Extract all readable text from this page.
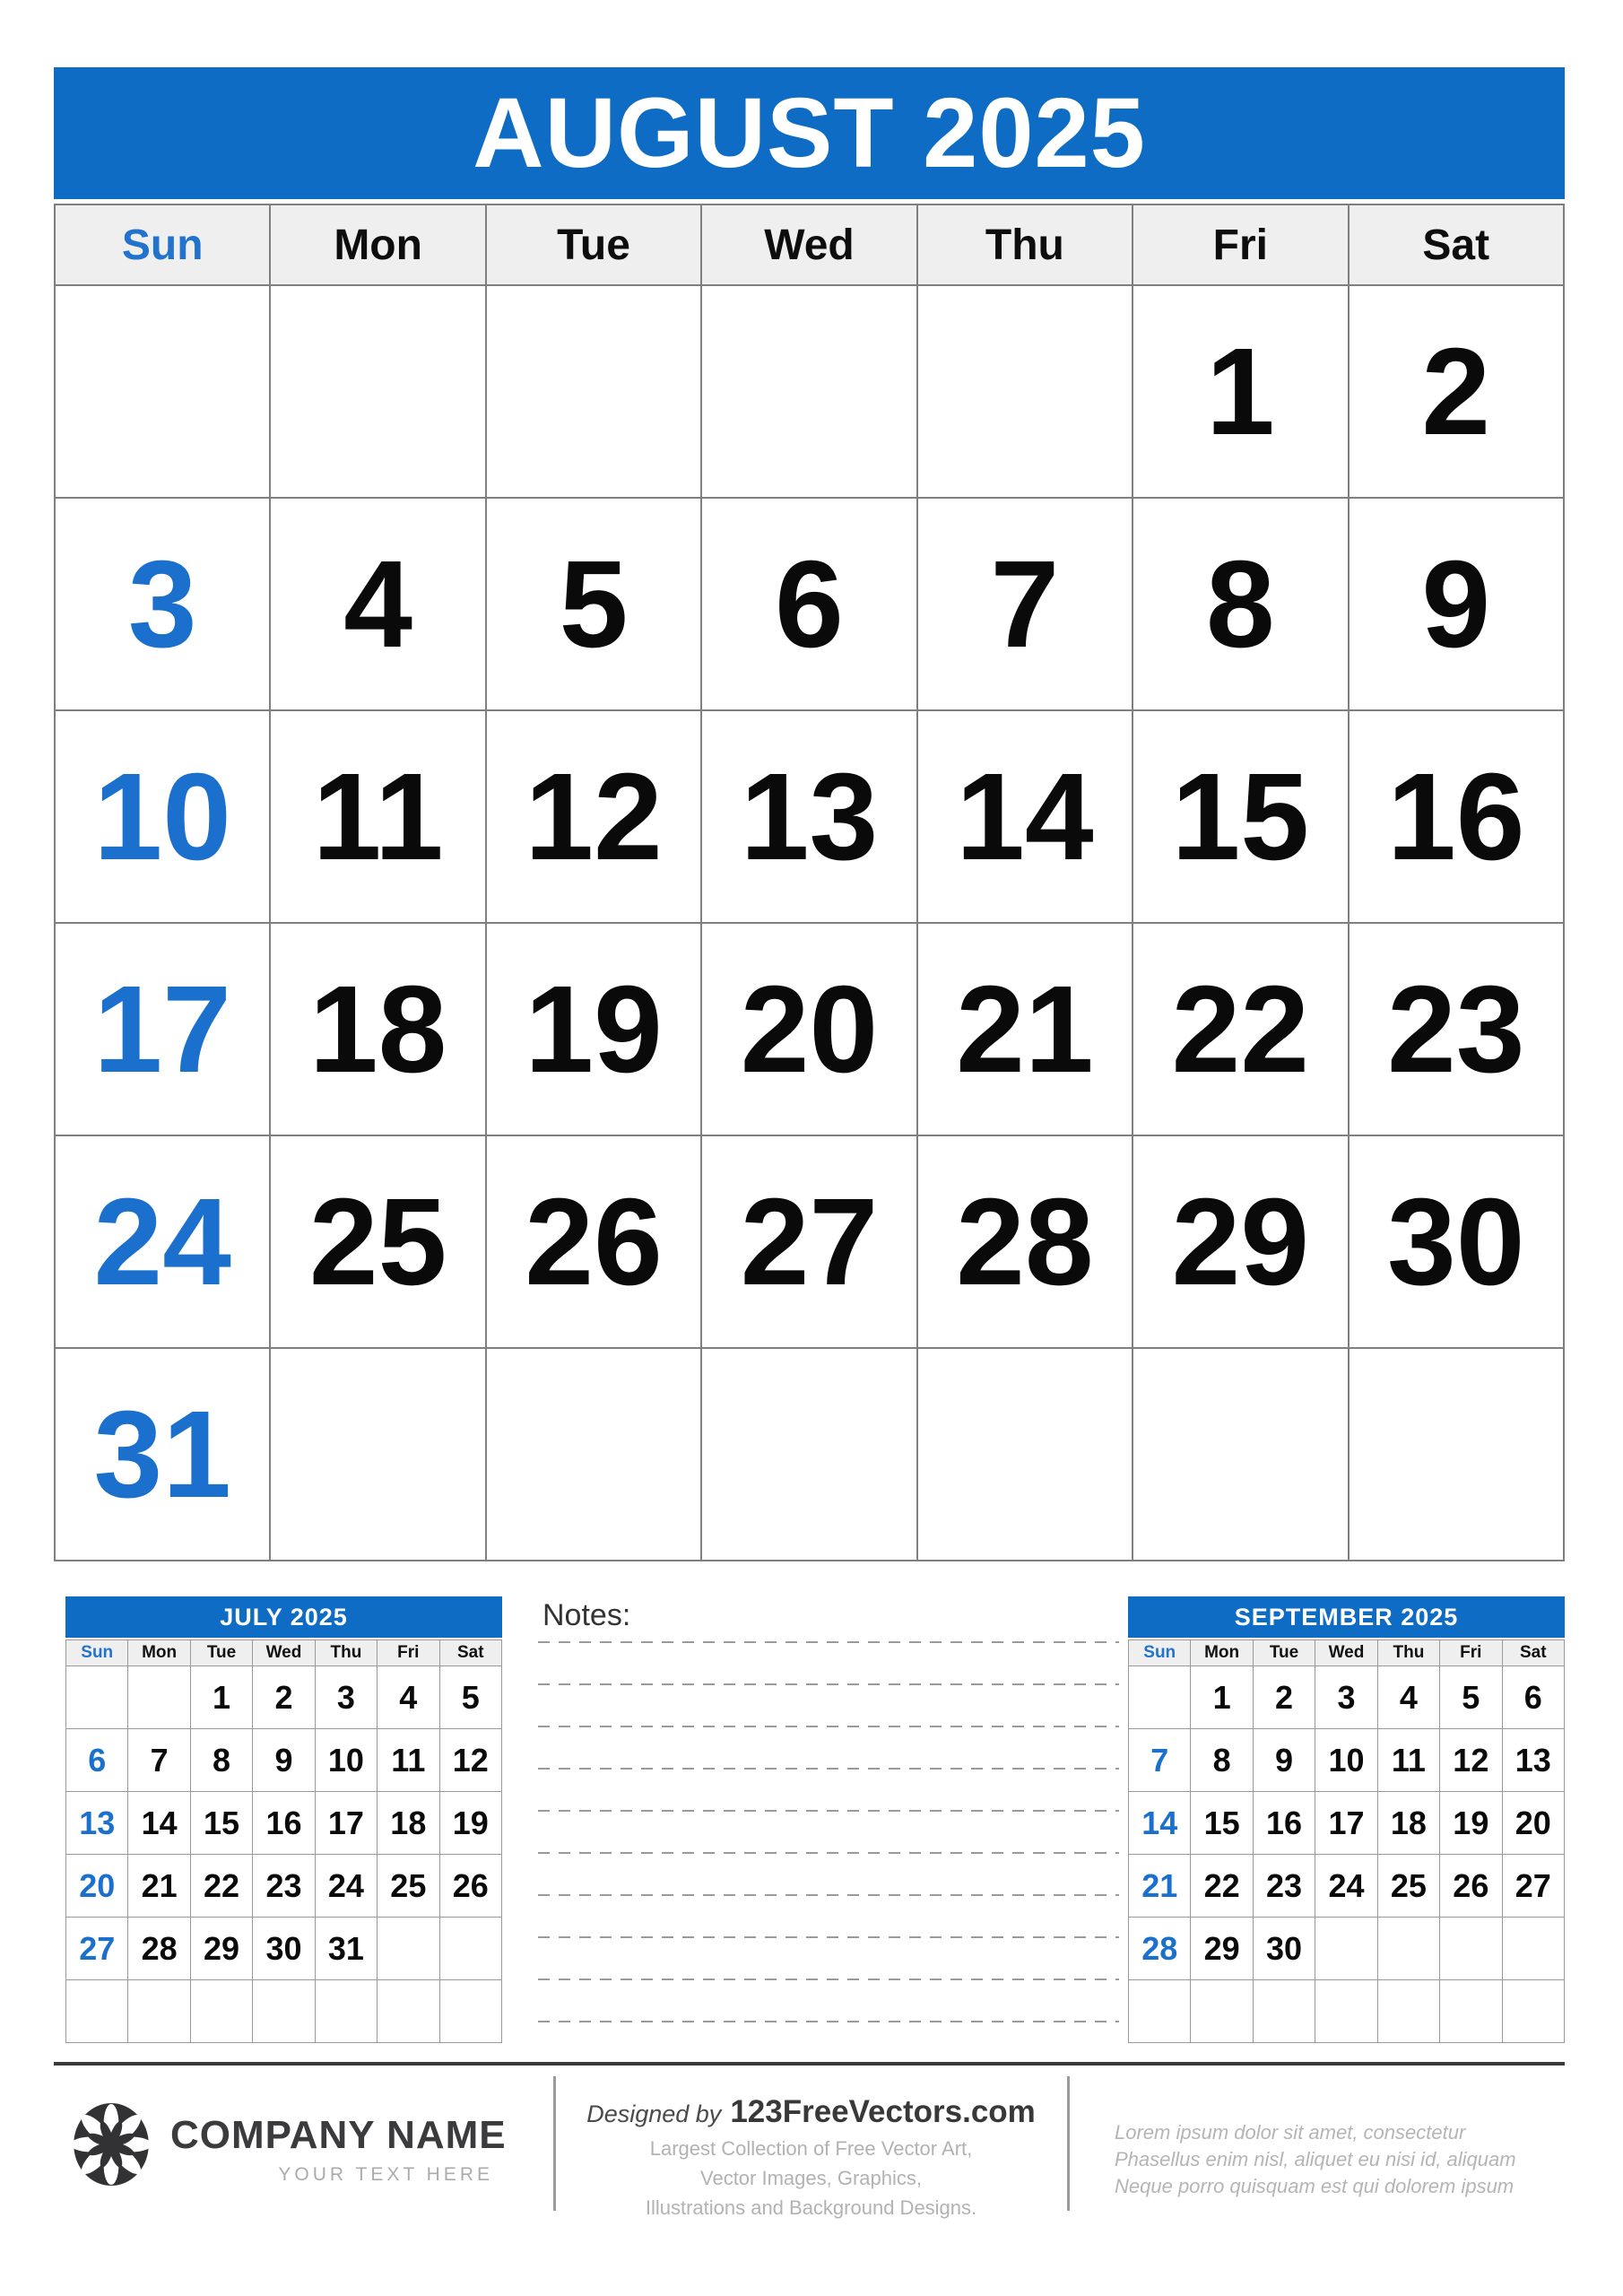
AUGUST 2025
Sun	Mon	Tue	Wed	Thu	Fri	Sat
					1	2
3	4	5	6	7	8	9
10	11	12	13	14	15	16
17	18	19	20	21	22	23
24	25	26	27	28	29	30
31						
JULY 2025
Sun	Mon	Tue	Wed	Thu	Fri	Sat
		1	2	3	4	5
6	7	8	9	10	11	12
13	14	15	16	17	18	19
20	21	22	23	24	25	26
27	28	29	30	31		

Notes:	SEPTEMBER 2025
Sun	Mon	Tue	Wed	Thu	Fri	Sat
	1	2	3	4	5	6
7	8	9	10	11	12	13
14	15	16	17	18	19	20
21	22	23	24	25	26	27
28	29	30				

COMPANY NAME
YOUR TEXT HERE
Designed by 123FreeVectors.com
Largest Collection of Free Vector Art,
Vector Images, Graphics,
Illustrations and Background Designs.
Lorem ipsum dolor sit amet, consectetur
Phasellus enim nisl, aliquet eu nisi id, aliquam
Neque porro quisquam est qui dolorem ipsum
